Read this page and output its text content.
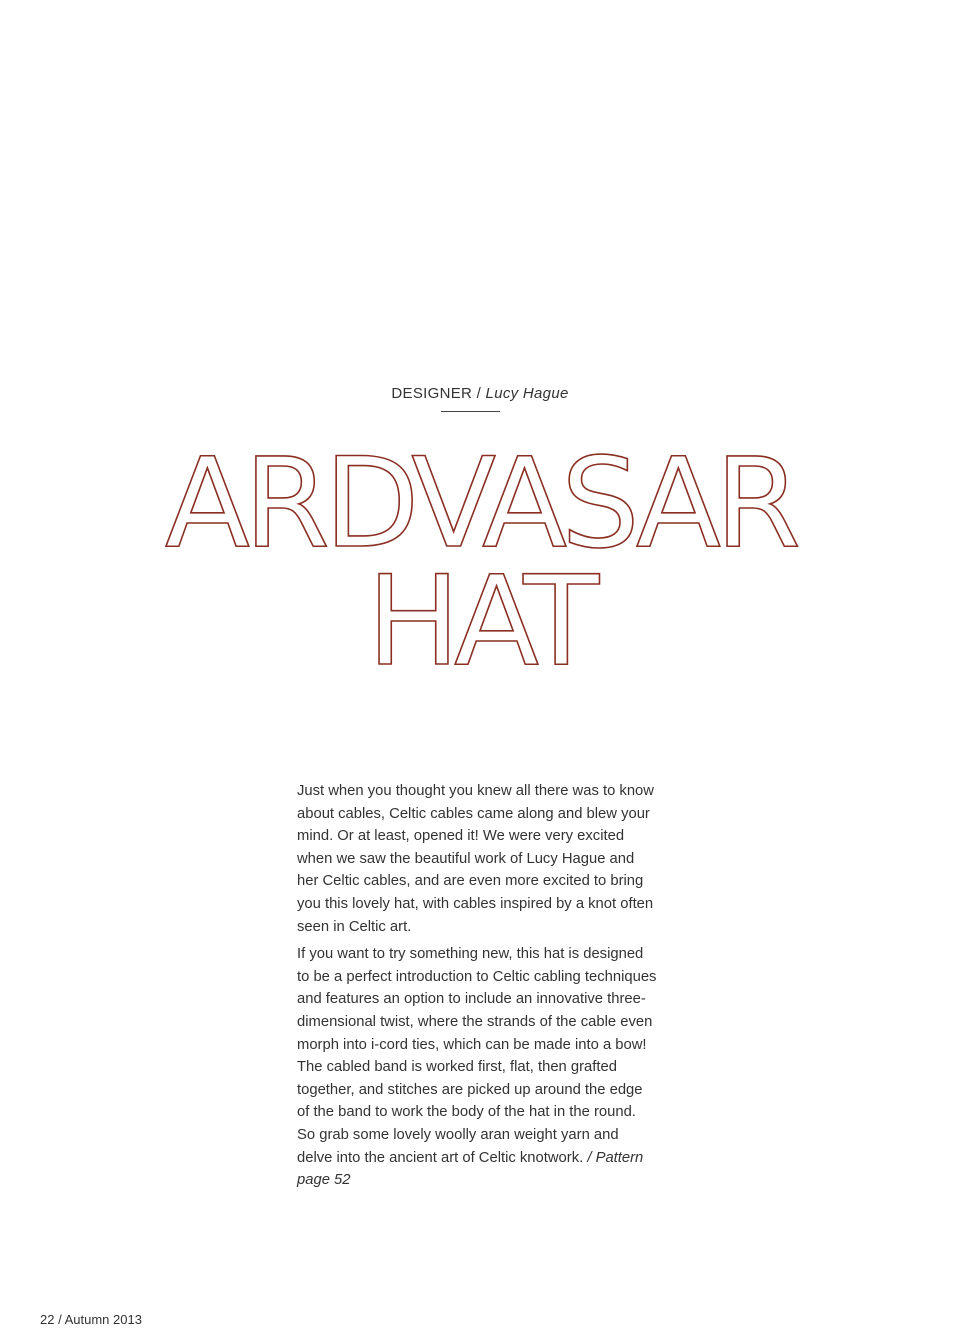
DESIGNER / Lucy Hague
ARDVASAR
HAT

Just when you thought you knew all there was to know about cables, Celtic cables came along and blew your mind. Or at least, opened it! We were very excited when we saw the beautiful work of Lucy Hague and her Celtic cables, and are even more excited to bring you this lovely hat, with cables inspired by a knot often seen in Celtic art.

If you want to try something new, this hat is designed to be a perfect introduction to Celtic cabling techniques and features an option to include an innovative three-dimensional twist, where the strands of the cable even morph into i-cord ties, which can be made into a bow! The cabled band is worked first, flat, then grafted together, and stitches are picked up around the edge of the band to work the body of the hat in the round. So grab some lovely woolly aran weight yarn and delve into the ancient art of Celtic knotwork. / Pattern page 52

22 / Autumn 2013
